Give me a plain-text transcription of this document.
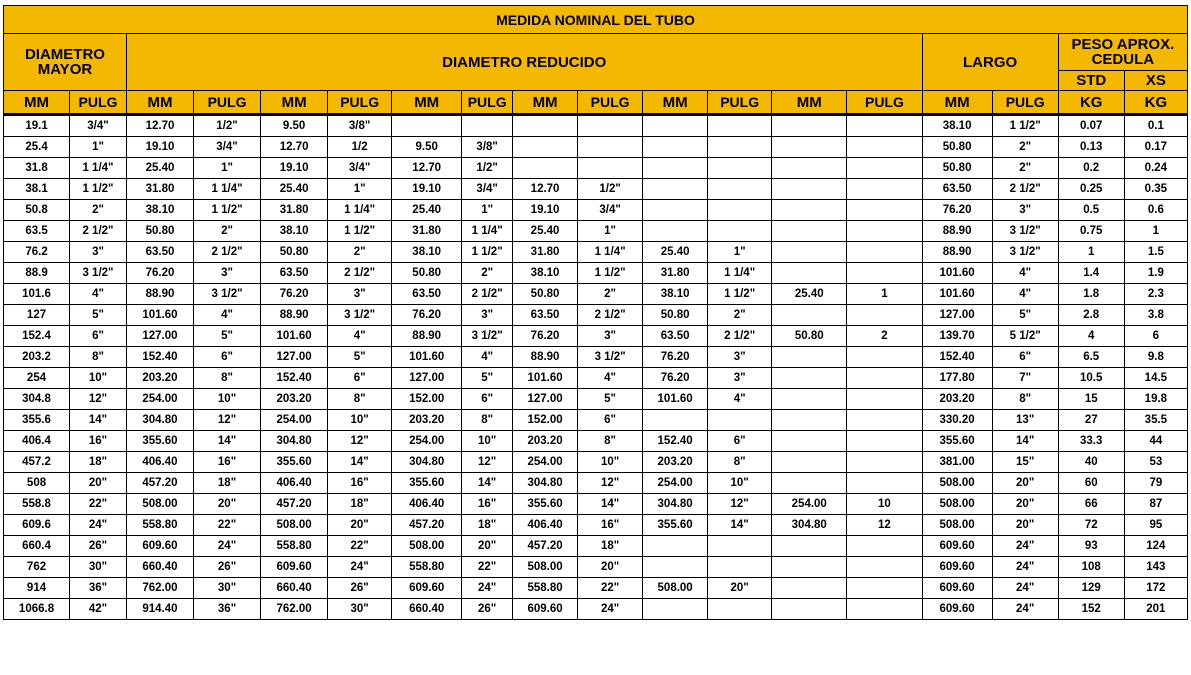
MEDIDA NOMINAL DEL TUBO																	
DIAMETRO
MAYOR		DIAMETRO REDUCIDO												LARGO		PESO APROX.
CEDULA	
																STD	XS
MM	PULG	MM	PULG	MM	PULG	MM	PULG	MM	PULG	MM	PULG	MM	PULG	MM	PULG	KG	KG
19.1	3/4"	12.70	1/2"	9.50	3/8"									38.10	1 1/2"	0.07	0.1
25.4	1"	19.10	3/4"	12.70	1/2	9.50	3/8"							50.80	2"	0.13	0.17
31.8	1 1/4"	25.40	1"	19.10	3/4"	12.70	1/2"							50.80	2"	0.2	0.24
38.1	1 1/2"	31.80	1 1/4"	25.40	1"	19.10	3/4"	12.70	1/2"					63.50	2 1/2"	0.25	0.35
50.8	2"	38.10	1 1/2"	31.80	1 1/4"	25.40	1"	19.10	3/4"					76.20	3"	0.5	0.6
63.5	2 1/2"	50.80	2"	38.10	1 1/2"	31.80	1 1/4"	25.40	1"					88.90	3 1/2"	0.75	1
76.2	3"	63.50	2 1/2"	50.80	2"	38.10	1 1/2"	31.80	1 1/4"	25.40	1"			88.90	3 1/2"	1	1.5
88.9	3 1/2"	76.20	3"	63.50	2 1/2"	50.80	2"	38.10	1 1/2"	31.80	1 1/4"			101.60	4"	1.4	1.9
101.6	4"	88.90	3 1/2"	76.20	3"	63.50	2 1/2"	50.80	2"	38.10	1 1/2"	25.40	1	101.60	4"	1.8	2.3
127	5"	101.60	4"	88.90	3 1/2"	76.20	3"	63.50	2 1/2"	50.80	2"			127.00	5"	2.8	3.8
152.4	6"	127.00	5"	101.60	4"	88.90	3 1/2"	76.20	3"	63.50	2 1/2"	50.80	2	139.70	5 1/2"	4	6
203.2	8"	152.40	6"	127.00	5"	101.60	4"	88.90	3 1/2"	76.20	3"			152.40	6"	6.5	9.8
254	10"	203.20	8"	152.40	6"	127.00	5"	101.60	4"	76.20	3"			177.80	7"	10.5	14.5
304.8	12"	254.00	10"	203.20	8"	152.00	6"	127.00	5"	101.60	4"			203.20	8"	15	19.8
355.6	14"	304.80	12"	254.00	10"	203.20	8"	152.00	6"					330.20	13"	27	35.5
406.4	16"	355.60	14"	304.80	12"	254.00	10"	203.20	8"	152.40	6"			355.60	14"	33.3	44
457.2	18"	406.40	16"	355.60	14"	304.80	12"	254.00	10"	203.20	8"			381.00	15"	40	53
508	20"	457.20	18"	406.40	16"	355.60	14"	304.80	12"	254.00	10"			508.00	20"	60	79
558.8	22"	508.00	20"	457.20	18"	406.40	16"	355.60	14"	304.80	12"	254.00	10	508.00	20"	66	87
609.6	24"	558.80	22"	508.00	20"	457.20	18"	406.40	16"	355.60	14"	304.80	12	508.00	20"	72	95
660.4	26"	609.60	24"	558.80	22"	508.00	20"	457.20	18"					609.60	24"	93	124
762	30"	660.40	26"	609.60	24"	558.80	22"	508.00	20"					609.60	24"	108	143
914	36"	762.00	30"	660.40	26"	609.60	24"	558.80	22"	508.00	20"			609.60	24"	129	172
1066.8	42"	914.40	36"	762.00	30"	660.40	26"	609.60	24"					609.60	24"	152	201
